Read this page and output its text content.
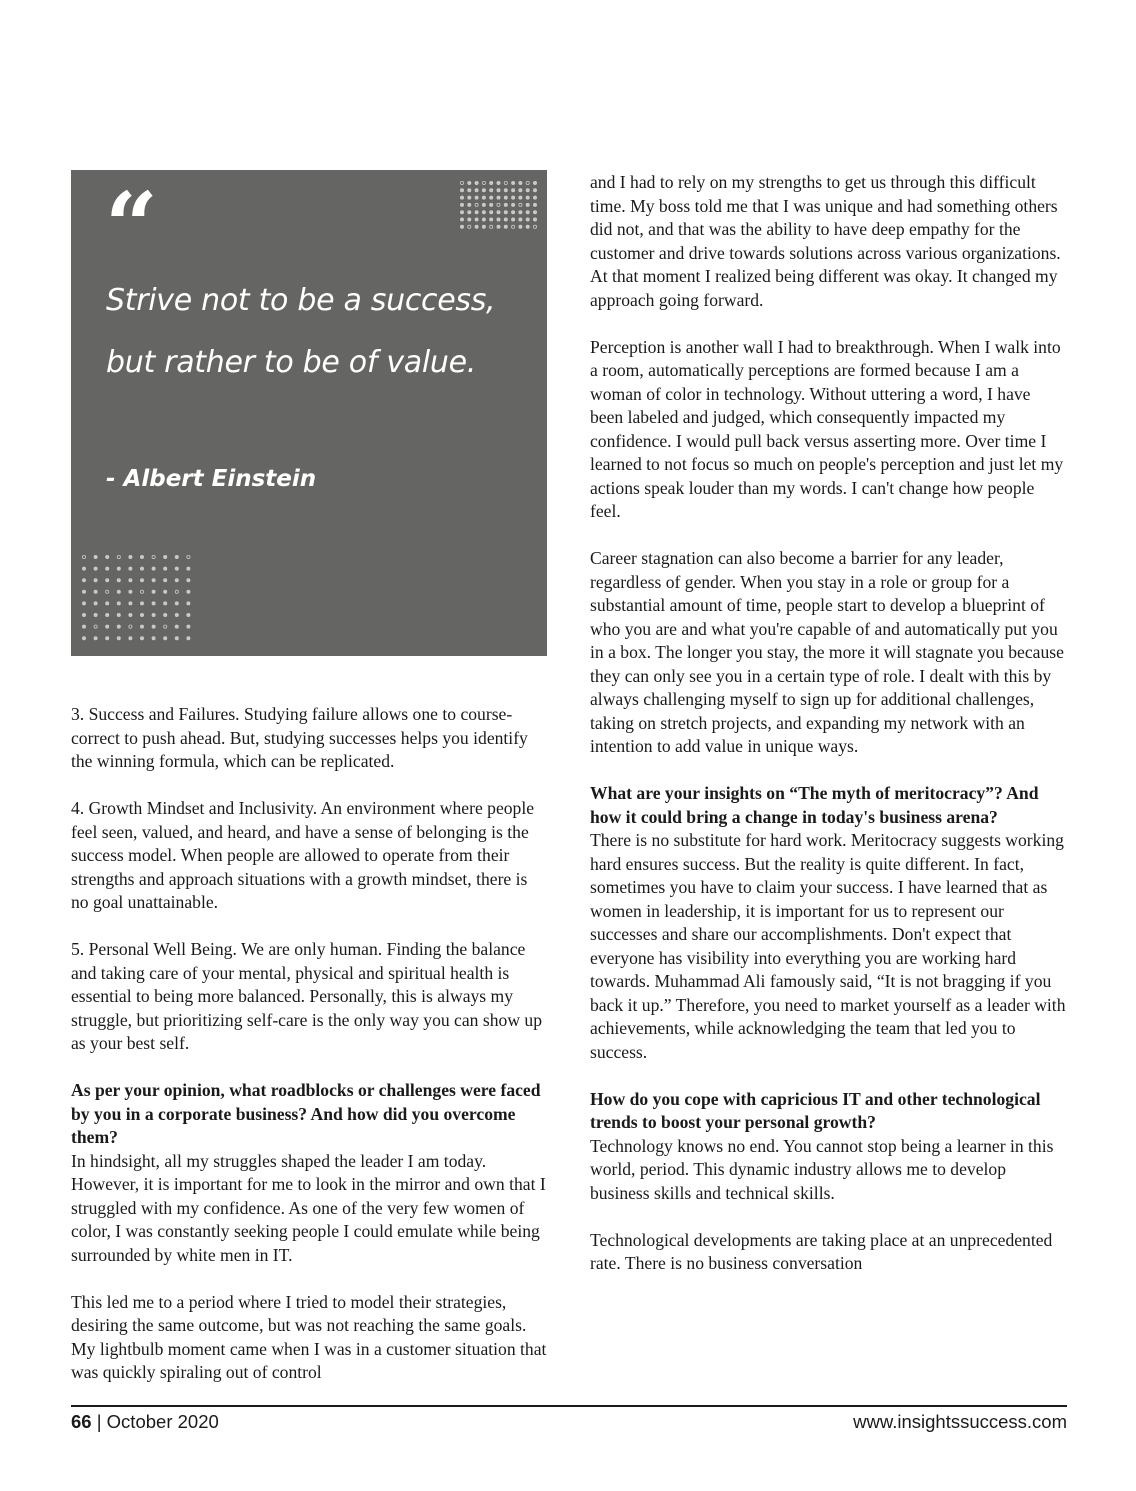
“
Strive not to be a success, but rather to be of value.
- Albert Einstein

3. Success and Failures. Studying failure allows one to course-correct to push ahead. But, studying successes helps you identify the winning formula, which can be replicated.

4. Growth Mindset and Inclusivity. An environment where people feel seen, valued, and heard, and have a sense of belonging is the success model. When people are allowed to operate from their strengths and approach situations with a growth mindset, there is no goal unattainable.

5. Personal Well Being. We are only human. Finding the balance and taking care of your mental, physical and spiritual health is essential to being more balanced. Personally, this is always my struggle, but prioritizing self-care is the only way you can show up as your best self.

As per your opinion, what roadblocks or challenges were faced by you in a corporate business? And how did you overcome them?

In hindsight, all my struggles shaped the leader I am today. However, it is important for me to look in the mirror and own that I struggled with my confidence. As one of the very few women of color, I was constantly seeking people I could emulate while being surrounded by white men in IT.

This led me to a period where I tried to model their strategies, desiring the same outcome, but was not reaching the same goals. My lightbulb moment came when I was in a customer situation that was quickly spiraling out of control

and I had to rely on my strengths to get us through this difficult time. My boss told me that I was unique and had something others did not, and that was the ability to have deep empathy for the customer and drive towards solutions across various organizations. At that moment I realized being different was okay. It changed my approach going forward.

Perception is another wall I had to breakthrough. When I walk into a room, automatically perceptions are formed because I am a woman of color in technology. Without uttering a word, I have been labeled and judged, which consequently impacted my confidence. I would pull back versus asserting more. Over time I learned to not focus so much on people's perception and just let my actions speak louder than my words. I can't change how people feel.

Career stagnation can also become a barrier for any leader, regardless of gender. When you stay in a role or group for a substantial amount of time, people start to develop a blueprint of who you are and what you're capable of and automatically put you in a box. The longer you stay, the more it will stagnate you because they can only see you in a certain type of role. I dealt with this by always challenging myself to sign up for additional challenges, taking on stretch projects, and expanding my network with an intention to add value in unique ways.

What are your insights on “The myth of meritocracy”? And how it could bring a change in today's business arena?

There is no substitute for hard work. Meritocracy suggests working hard ensures success. But the reality is quite different. In fact, sometimes you have to claim your success. I have learned that as women in leadership, it is important for us to represent our successes and share our accomplishments. Don't expect that everyone has visibility into everything you are working hard towards. Muhammad Ali famously said, “It is not bragging if you back it up.” Therefore, you need to market yourself as a leader with achievements, while acknowledging the team that led you to success.

How do you cope with capricious IT and other technological trends to boost your personal growth?

Technology knows no end. You cannot stop being a learner in this world, period. This dynamic industry allows me to develop business skills and technical skills.

Technological developments are taking place at an unprecedented rate. There is no business conversation

66 | October 2020	www.insightssuccess.com
